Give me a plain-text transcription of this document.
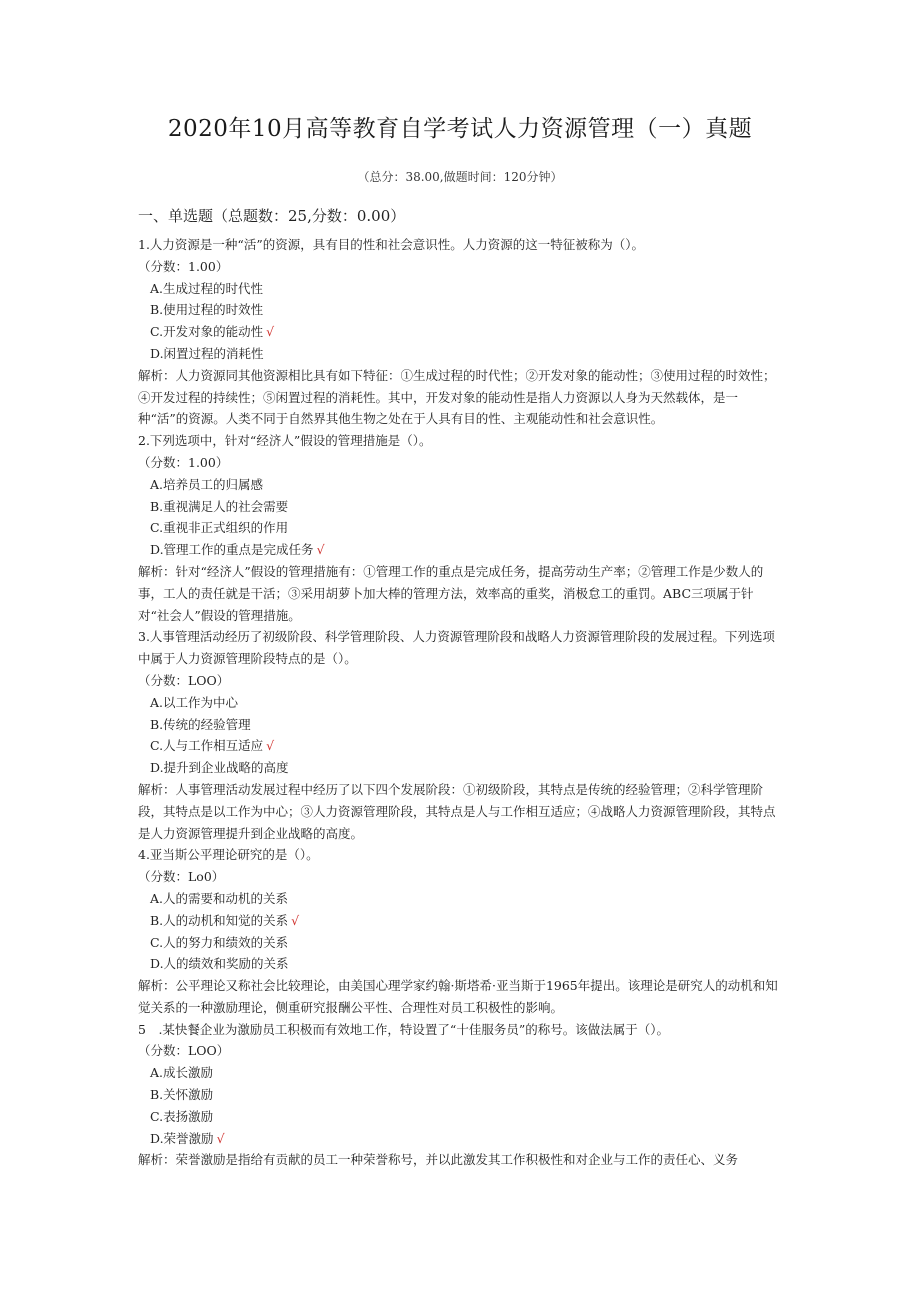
2020年10月高等教育自学考试人力资源管理（一）真题
（总分：38.00,做题时间：120分钟）
一、单选题（总题数：25,分数：0.00）

1.人力资源是一种“活”的资源，具有目的性和社会意识性。人力资源的这一特征被称为（）。

（分数：1.00）

A.生成过程的时代性

B.使用过程的时效性

C.开发对象的能动性 √

D.闲置过程的消耗性

解析：人力资源同其他资源相比具有如下特征：①生成过程的时代性；②开发对象的能动性；③使用过程的时效性；④开发过程的持续性；⑤闲置过程的消耗性。其中，开发对象的能动性是指人力资源以人身为天然载体，是一种“活”的资源。人类不同于自然界其他生物之处在于人具有目的性、主观能动性和社会意识性。

2.下列选项中，针对“经济人”假设的管理措施是（）。

（分数：1.00）

A.培养员工的归属感

B.重视满足人的社会需要

C.重视非正式组织的作用

D.管理工作的重点是完成任务 √

解析：针对“经济人”假设的管理措施有：①管理工作的重点是完成任务，提高劳动生产率；②管理工作是少数人的事，工人的责任就是干活；③采用胡萝卜加大棒的管理方法，效率高的重奖，消极怠工的重罚。ABC三项属于针对“社会人”假设的管理措施。

3.人事管理活动经历了初级阶段、科学管理阶段、人力资源管理阶段和战略人力资源管理阶段的发展过程。下列选项中属于人力资源管理阶段特点的是（）。

（分数：LOO）

A.以工作为中心

B.传统的经验管理

C.人与工作相互适应 √

D.提升到企业战略的高度

解析：人事管理活动发展过程中经历了以下四个发展阶段：①初级阶段，其特点是传统的经验管理；②科学管理阶段，其特点是以工作为中心；③人力资源管理阶段，其特点是人与工作相互适应；④战略人力资源管理阶段，其特点是人力资源管理提升到企业战略的高度。

4.亚当斯公平理论研究的是（）。

（分数：Lo0）

A.人的需要和动机的关系

B.人的动机和知觉的关系 √

C.人的努力和绩效的关系

D.人的绩效和奖励的关系

解析：公平理论又称社会比较理论，由美国心理学家约翰·斯塔希·亚当斯于1965年提出。该理论是研究人的动机和知觉关系的一种激励理论，侧重研究报酬公平性、合理性对员工积极性的影响。

5　.某快餐企业为激励员工积极而有效地工作，特设置了“十佳服务员”的称号。该做法属于（）。

（分数：LOO）

A.成长激励

B.关怀激励

C.表扬激励

D.荣誉激励 √

解析：荣誉激励是指给有贡献的员工一种荣誉称号，并以此激发其工作积极性和对企业与工作的责任心、义务
